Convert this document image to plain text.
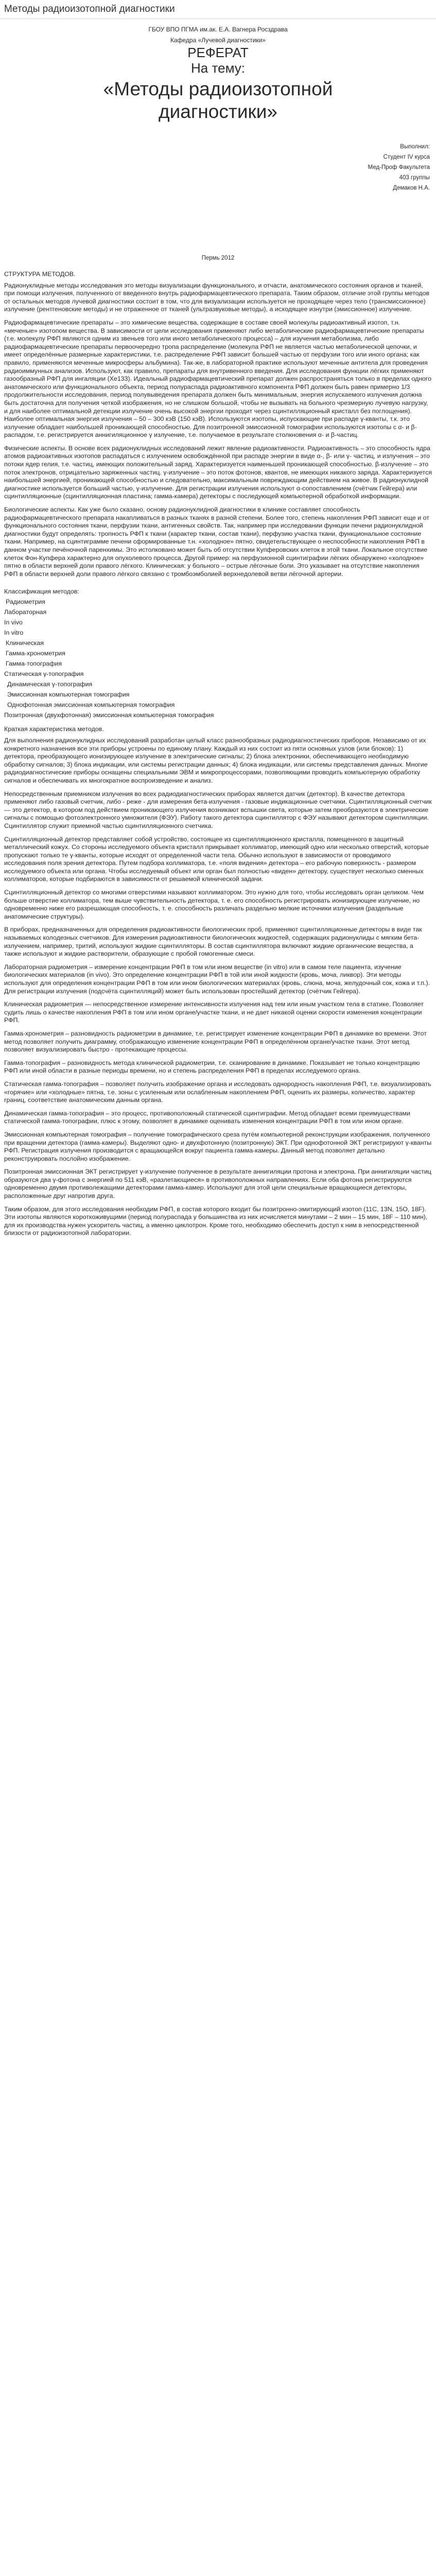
Методы радиоизотопной диагностики
ГБОУ ВПО ПГМА им.ак. Е.А. Вагнера Росздрава
Кафедра «Лучевой диагностики»
РЕФЕРАТ
На тему:
«Методы радиоизотопной
диагностики»
Выполнил:
Студент IV курса
Мед-Проф Факультета
403 группы
Демаков Н.А.
Пермь 2012
СТРУКТУРА МЕТОДОВ.

Радионуклидные методы исследования это методы визуализации функционального, и отчасти, анатомического состояния органов и тканей, при помощи излучения, полученного от введенного внутрь радиофармацевтического препарата. Таким образом, отличие этой группы методов от остальных методов лучевой диагностики состоит в том, что для визуализации используется не проходящее через тело (трансмиссионное) излучение (рентгеновские методы) и не отраженное от тканей (ультразвуковые методы), а исходящее изнутри (эмиссионное) излучение.

Радиофармацевтические препараты – это химические вещества, содержащие в составе своей молекулы радиоактивный изотоп, т.н. «меченые» изотопом вещества. В зависимости от цели исследования применяют либо метаболические радиофармацевтические препараты (т.е. молекулу РФП являются одним из звеньев того или иного метаболического процесса) – для изучения метаболизма, либо радиофармацевтические препараты первоочередно тропа распределение (молекула РФП не является частью метаболической цепочки, и имеет определённые размерные характеристики, т.е. распределение РФП зависит большей частью от перфузии того или иного органа; как правило, применяются меченные микросферы альбумина). Так-же, в лабораторной практике используют меченные антитела для проведения радиоиммунных анализов. Используют, как правило, препараты для внутривенного введения. Для исследования функции лёгких применяют газообразный РФП для ингаляции (Xe133). Идеальный радиофармацевтический препарат должен распространяться только в пределах одного анатомического или функционального объекта, период полураспада радиоактивного компонента РФП должен быть равен примерно 1/3 продолжительности исследования, период полувыведения препарата должен быть минимальным, энергия испускаемого излучения должна быть достаточна для получения четкой изображения, но не слишком большой, чтобы не вызывать на больного чрезмерную лучевую нагрузку, и для наиболее оптимальной детекции излучение очень высокой энергии проходит через сцинтилляционный кристалл без поглощения). Наиболее оптимальная энергия излучения – 50 – 300 кэВ (150 кэВ). Используются изотопы, испускающие при распаде γ-кванты, т.к. это излучение обладает наибольшей проникающей способностью. Для позитронной эмиссионной томографии используются изотопы с α- и β-распадом, т.е. регистрируется аннигиляционное γ излучение, т.е. получаемое в результате столкновения α- и β-частиц.

Физические аспекты. В основе всех радионуклидных исследований лежит явление радиоактивности. Радиоактивность – это способность ядра атомов радиоактивных изотопов распадаться с излучением освобождённой при распаде энергии в виде α-, β- или γ- частиц, и излучения – это потоки ядер гелия, т.е. частиц, имеющих положительный заряд. Характеризуется наименьшей проникающей способностью. β-излучение – это поток электронов, отрицательно заряженных частиц. γ-излучение – это поток фотонов, квантов, не имеющих никакого заряда. Характеризуется наибольшей энергией, проникающей способностью и следовательно, максимальным повреждающим действием на живое. В радионуклидной диагностике используется больший частью, γ-излучение. Для регистрации излучения используют α-сопоставлением (счётчик Гейгера) или сцинтилляционные (сцинтилляционная пластина; гамма-камера) детекторы с последующей компьютерной обработкой информации.

Биологические аспекты. Как уже было сказано, основу радионуклидной диагностики в клинике составляет способность радиофармацевтического препарата накапливаться в разных тканях в разной степени. Более того, степень накопления РФП зависит еще и от функционального состояния ткани, перфузии ткани, антигенных свойств. Так, например при исследовании функции печени радионуклидной диагностики будут определять: тропность РФП к ткани (характер ткани, состав ткани), перфузию участка ткани, функциональное состояние ткани. Например, на сцинтиграмме печени сформированные т.н. «холодное» пятно, свидетельствующее о неспособности накопления РФП в данном участке печёночной паренхимы. Это истолковано может быть об отсутствии Купферовских клеток в этой ткани. Локальное отсутствие клеток Фон-Купфера характерно для опухолевого процесса. Другой пример: на перфузионной сцинтиграфии лёгких обнаружено «холодное» пятно в области верхней доли правого лёгкого. Клиническая: у больного – острые лёгочные боли. Это указывает на отсутствие накопления РФП в области верхней доли правого лёгкого связано с тромбоэмболией верхнедолевой ветви лёгочной артерии.

Классификация методов:
Радиометрия
Лабораторная
In vivo
In vitro
Клиническая
Гамма-хронометрия
Гамма-топография
Статическая γ-топография
Динамическая γ-топография
Эмиссионная компьютерная томография
Однофотонная эмиссионная компьютерная томография
Позитронная (двухфотонная) эмиссионная компьютерная томография
Краткая характеристика методов.

Для выполнения радионуклидных исследований разработан целый класс разнообразных радиодиагностических приборов. Независимо от их конкретного назначения все эти приборы устроены по единому плану. Каждый из них состоит из пяти основных узлов (или блоков): 1) детектора, преобразующего ионизирующее излучение в электрические сигналы; 2) блока электроники, обеспечивающего необходимую обработку сигналов; 3) блока индикации, или системы регистрации данных; 4) блока индикации, или системы представления данных. Многие радиодиагностические приборы оснащены специальными ЭВМ и микропроцессорами, позволяющими проводить компьютерную обработку сигналов и обеспечивать их многократное воспроизведение и анализ.

Непосредственным приемником излучения во всех радиодиагностических приборах является датчик (детектор). В качестве детектора применяют либо газовый счетчик, либо - реже - для измерения бета-излучения - газовые индикационные счетчики. Сцинтилляционный счетчик — это детектор, в котором под действием проникающего излучения возникают вспышки света, которые затем преобразуются в электрические сигналы с помощью фотоэлектронного умножителя (ФЭУ). Работу такого детектора сцинтиллятор с ФЭУ называют детектором сцинтилляции. Сцинтиллятор служит приемной частью сцинтилляционного счетчика.

Сцинтилляционный детектор представляет собой устройство, состоящее из сцинтилляционного кристалла, помещенного в защитный металлический кожух. Со стороны исследуемого объекта кристалл прикрывает коллиматор, имеющий одно или несколько отверстий, которые пропускают только те γ-кванты, которые исходят от определенной части тела. Обычно используют в зависимости от проводимого исследования поля зрения детектора. Путем подбора коллиматора, т.е. «поля видения» детектора – его рабочую поверхность - размером исследуемого объекта или органа. Чтобы исследуемый объект или орган был полностью «виден» детектору, существует несколько сменных коллиматоров, которые подбираются в зависимости от решаемой клинической задачи.

Сцинтилляционный детектор со многими отверстиями называют коллиматором. Это нужно для того, чтобы исследовать орган целиком. Чем больше отверстие коллиматора, тем выше чувствительность детектора, т. е. его способность регистрировать ионизирующее излучение, но одновременно ниже его разрешающая способность, т. е. способность различать раздельно мелкие источники излучения (раздельные анатомические структуры).

В приборах, предназначенных для определения радиоактивности биологических проб, применяют сцинтилляционные детекторы в виде так называемых колодезных счетчиков. Для измерения радиоактивности биологических жидкостей, содержащих радионуклиды с мягким бета-излучением, например, тритий, используют жидкие сцинтилляторы. В состав сцинтиллятора включают жидкие органические вещества, а также используют и жидкие растворители, образующие с пробой гомогенные смеси.

Лабораторная радиометрия – измерение концентрации РФП в том или ином веществе (in vitro) или в самом теле пациента, изучение биологических материалов (in vivo). Это определение концентрации РФП в той или иной жидкости (кровь, моча, ликвор). Эти методы используют для определения концентрации РФП в том или ином биологических материалах (кровь, слюна, моча, желудочный сок, кожа и т.п.). Для регистрации излучения (подсчёта сцинтилляций) может быть использован простейший детектор (счётчик Гейгера).

Клиническая радиометрия — непосредственное измерение интенсивности излучения над тем или иным участком тела в статике. Позволяет судить лишь о качестве накопления РФП в том или ином органе/участке ткани, и не дает никакой оценки скорости изменения концентрации РФП.

Гамма-хронометрия – разновидность радиометрии в динамике, т.е. регистрирует изменение концентрации РФП в динамике во времени. Этот метод позволяет получить диаграмму, отображающую изменение концентрации РФП в определённом органе/участке ткани. Этот метод позволяет визуализировать быстро - протекающие процессы.

Гамма-топография – разновидность метода клинической радиометрии, т.е. сканирование в динамике. Показывает не только концентрацию РФП или иной области в разные периоды времени, но и степень распределения РФП в пределах исследуемого органа.

Статическая гамма-топография – позволяет получить изображение органа и исследовать однородность накопления РФП, т.е. визуализировать «горячие» или «холодные» пятна, т.е. зоны с усиленным или ослабленным накоплением РФП, оценить их размеры, количество, характер границ, соответствие анатомическим данным органа.

Динамическая гамма-топография – это процесс, противоположный статической сцинтиграфии. Метод обладает всеми преимуществами статической гамма-топографии, плюс к этому, позволяет в динамике оценивать изменения концентрации РФП в том или ином органе.

Эмиссионная компьютерная томография – получение томографического среза путём компьютерной реконструкции изображения, полученного при вращении детектора (гамма-камеры). Выделяют одно- и двухфотонную (позитронную) ЭКТ. При однофотонной ЭКТ регистрируют γ-кванты РФП. Регистрация излучения производится с вращающейся вокруг пациента гамма-камеры. Данный метод позволяет детально реконструировать послойно изображение.

Позитронная эмиссионная ЭКТ регистрирует γ-излучение полученное в результате аннигиляции протона и электрона. При аннигиляции частиц образуются два γ-фотона с энергией по 511 кэВ, «разлетающиеся» в противоположных направлениях. Если оба фотона регистрируются одновременно двумя противолежащими детекторами гамма-камер. Используют для этой цели специальные вращающиеся детекторы, расположенные друг напротив друга.

Таким образом, для этого исследования необходим РФП, в состав которого входит бы позитронно-эмитирующий изотоп (11C, 13N, 15O, 18F). Эти изотопы являются короткоживущими (период полураспада у большинства из них исчисляется минутами – 2 мин – 15 мин, 18F – 110 мин), для их производства нужен ускоритель частиц, а именно циклотрон. Кроме того, необходимо обеспечить доступ к ним в непосредственной близости от радиоизотопной лаборатории.
